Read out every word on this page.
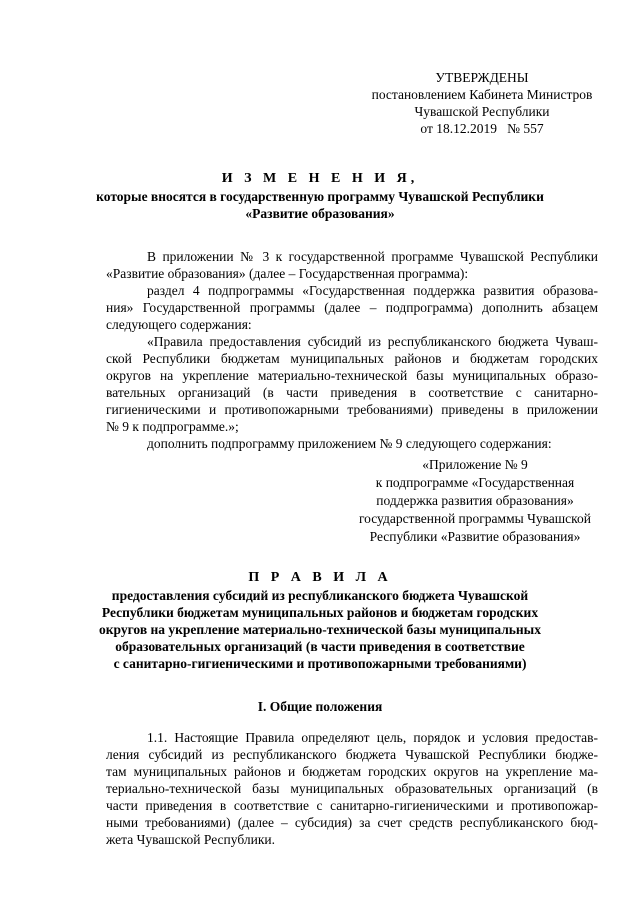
УТВЕРЖДЕНЫ
постановлением Кабинета Министров
Чувашской Республики
от 18.12.2019   № 557
И З М Е Н Е Н И Я,
которые вносятся в государственную программу Чувашской Республики
«Развитие образования»
В приложении № 3 к государственной программе Чувашской Республики
«Развитие образования» (далее – Государственная программа):
раздел 4 подпрограммы «Государственная поддержка развития образова-
ния» Государственной программы (далее – подпрограмма) дополнить абзацем
следующего содержания:
«Правила предоставления субсидий из республиканского бюджета Чуваш-
ской Республики бюджетам муниципальных районов и бюджетам городских
округов на укрепление материально-технической базы муниципальных образо-
вательных организаций (в части приведения в соответствие с санитарно-
гигиеническими и противопожарными требованиями) приведены в приложении
№ 9 к подпрограмме.»;
дополнить подпрограмму приложением № 9 следующего содержания:
«Приложение № 9
к подпрограмме «Государственная
поддержка развития образования»
государственной программы Чувашской
Республики «Развитие образования»
П Р А В И Л А
предоставления субсидий из республиканского бюджета Чувашской
Республики бюджетам муниципальных районов и бюджетам городских
округов на укрепление материально-технической базы муниципальных
образовательных организаций (в части приведения в соответствие
с санитарно-гигиеническими и противопожарными требованиями)
I. Общие положения
1.1. Настоящие Правила определяют цель, порядок и условия предостав-
ления субсидий из республиканского бюджета Чувашской Республики бюдже-
там муниципальных районов и бюджетам городских округов на укрепление ма-
териально-технической базы муниципальных образовательных организаций (в
части приведения в соответствие с санитарно-гигиеническими и противопожар-
ными требованиями) (далее – субсидия) за счет средств республиканского бюд-
жета Чувашской Республики.
